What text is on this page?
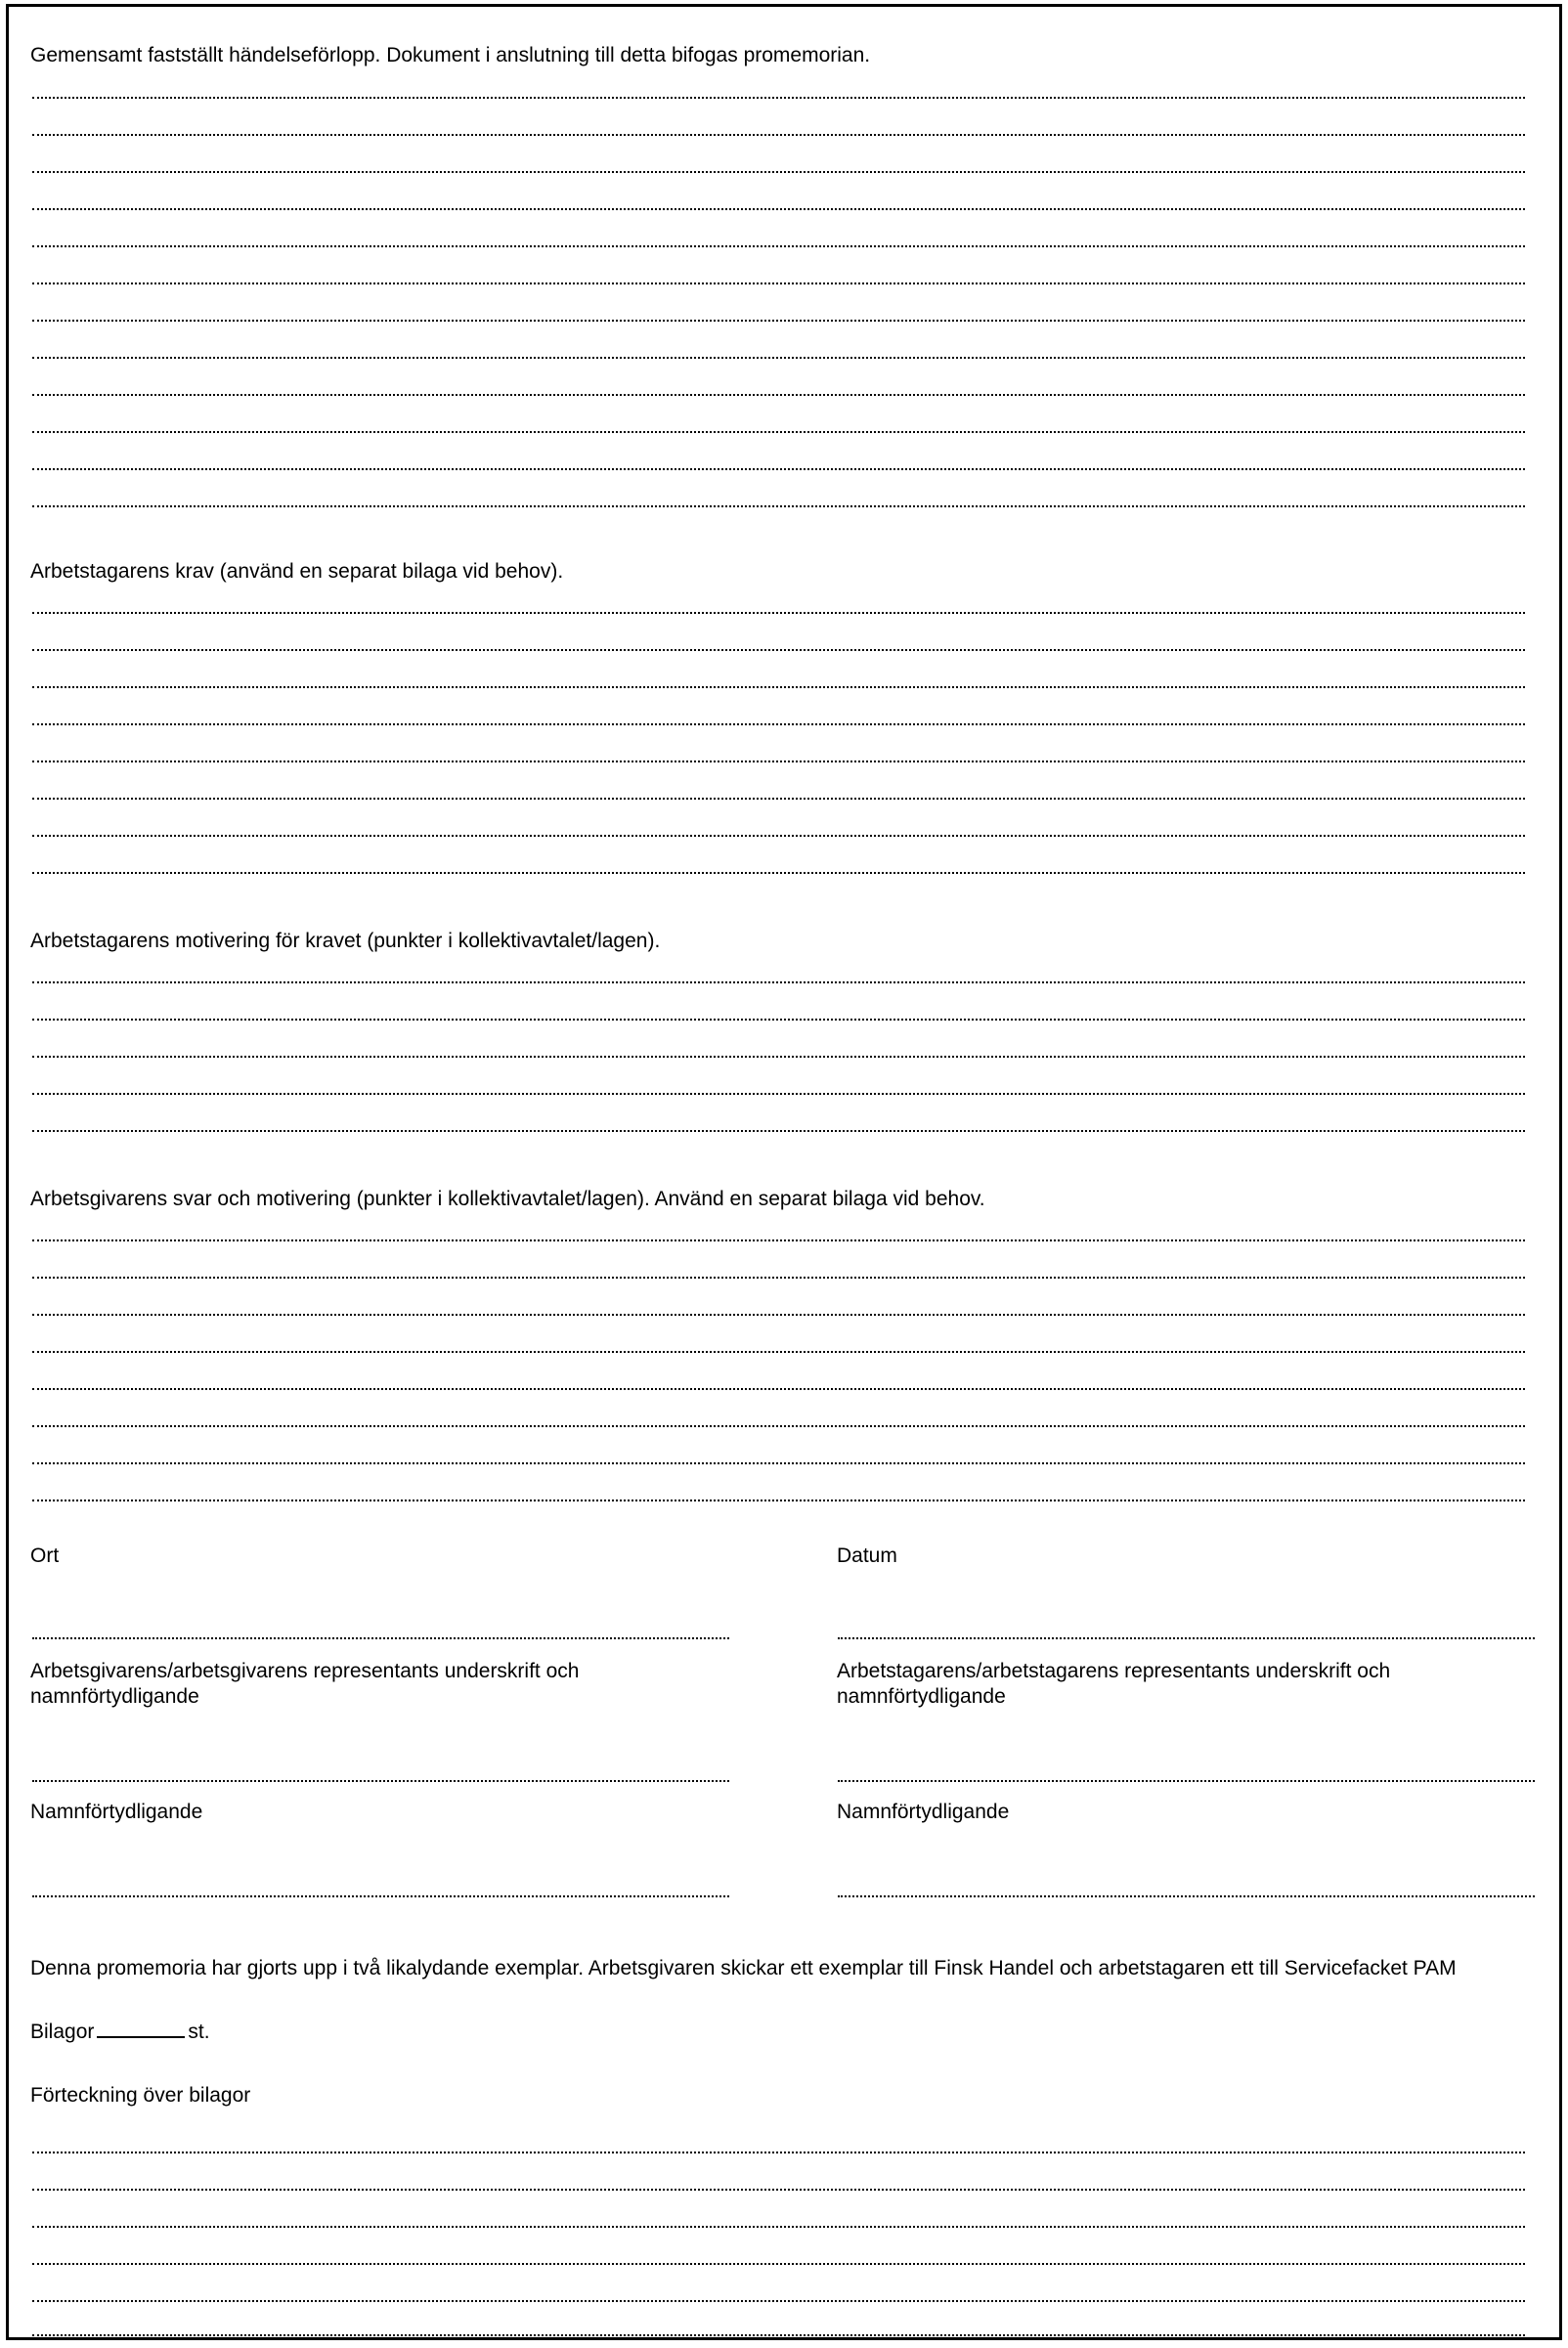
Gemensamt fastställt händelseförlopp. Dokument i anslutning till detta bifogas promemorian.
Arbetstagarens krav (använd en separat bilaga vid behov).
Arbetstagarens motivering för kravet (punkter i kollektivavtalet/lagen).
Arbetsgivarens svar och motivering (punkter i kollektivavtalet/lagen). Använd en separat bilaga vid behov.
Ort	Datum
Arbetsgivarens/arbetsgivarens representants underskrift och namnförtydligande
Arbetstagarens/arbetstagarens representants underskrift och namnförtydligande
Namnförtydligande	Namnförtydligande
Denna promemoria har gjorts upp i två likalydande exemplar. Arbetsgivaren skickar ett exemplar till Finsk Handel och arbetstagaren ett till Servicefacket PAM
Bilagor	st.
Förteckning över bilagor
